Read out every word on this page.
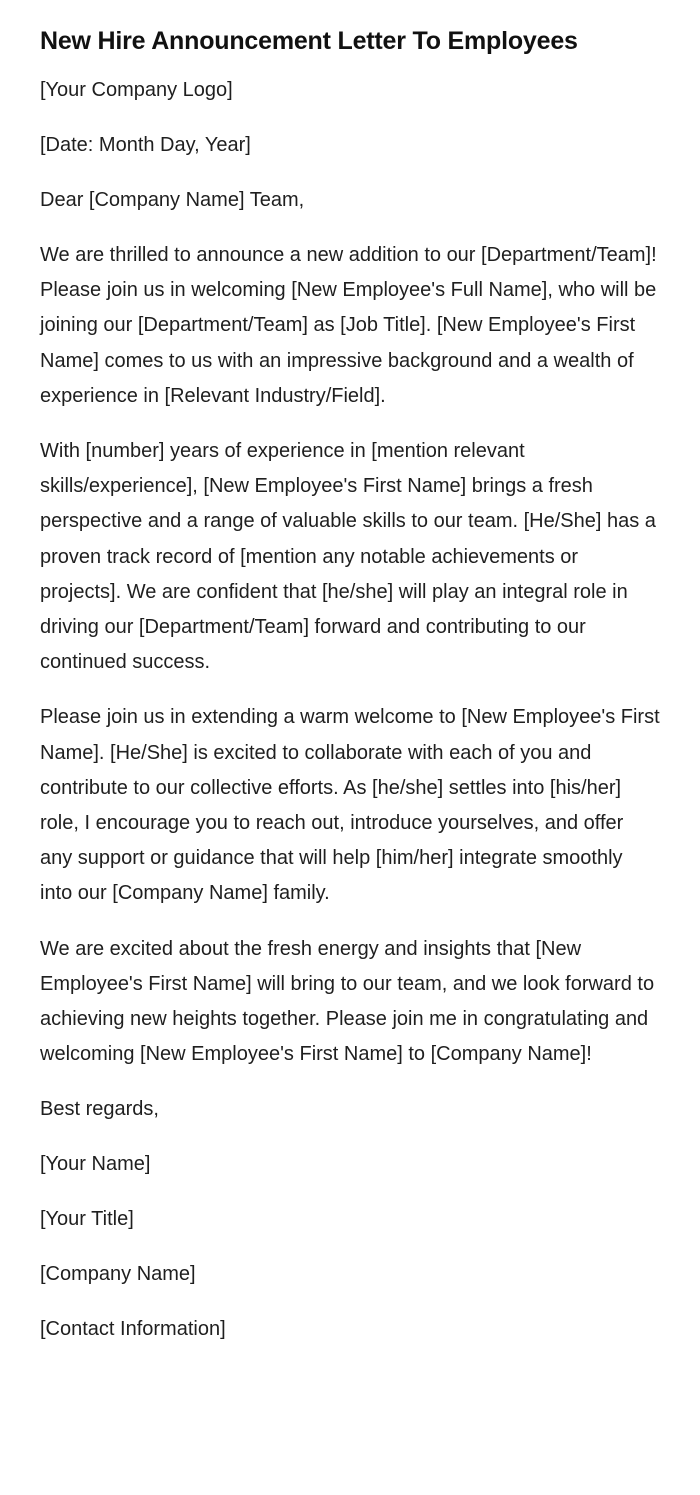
New Hire Announcement Letter To Employees

[Your Company Logo]

[Date: Month Day, Year]

Dear [Company Name] Team,

We are thrilled to announce a new addition to our [Department/Team]! Please join us in welcoming [New Employee's Full Name], who will be joining our [Department/Team] as [Job Title]. [New Employee's First Name] comes to us with an impressive background and a wealth of experience in [Relevant Industry/Field].

With [number] years of experience in [mention relevant skills/experience], [New Employee's First Name] brings a fresh perspective and a range of valuable skills to our team. [He/She] has a proven track record of [mention any notable achievements or projects]. We are confident that [he/she] will play an integral role in driving our [Department/Team] forward and contributing to our continued success.

Please join us in extending a warm welcome to [New Employee's First Name]. [He/She] is excited to collaborate with each of you and contribute to our collective efforts. As [he/she] settles into [his/her] role, I encourage you to reach out, introduce yourselves, and offer any support or guidance that will help [him/her] integrate smoothly into our [Company Name] family.

We are excited about the fresh energy and insights that [New Employee's First Name] will bring to our team, and we look forward to achieving new heights together. Please join me in congratulating and welcoming [New Employee's First Name] to [Company Name]!

Best regards,

[Your Name]

[Your Title]

[Company Name]

[Contact Information]
